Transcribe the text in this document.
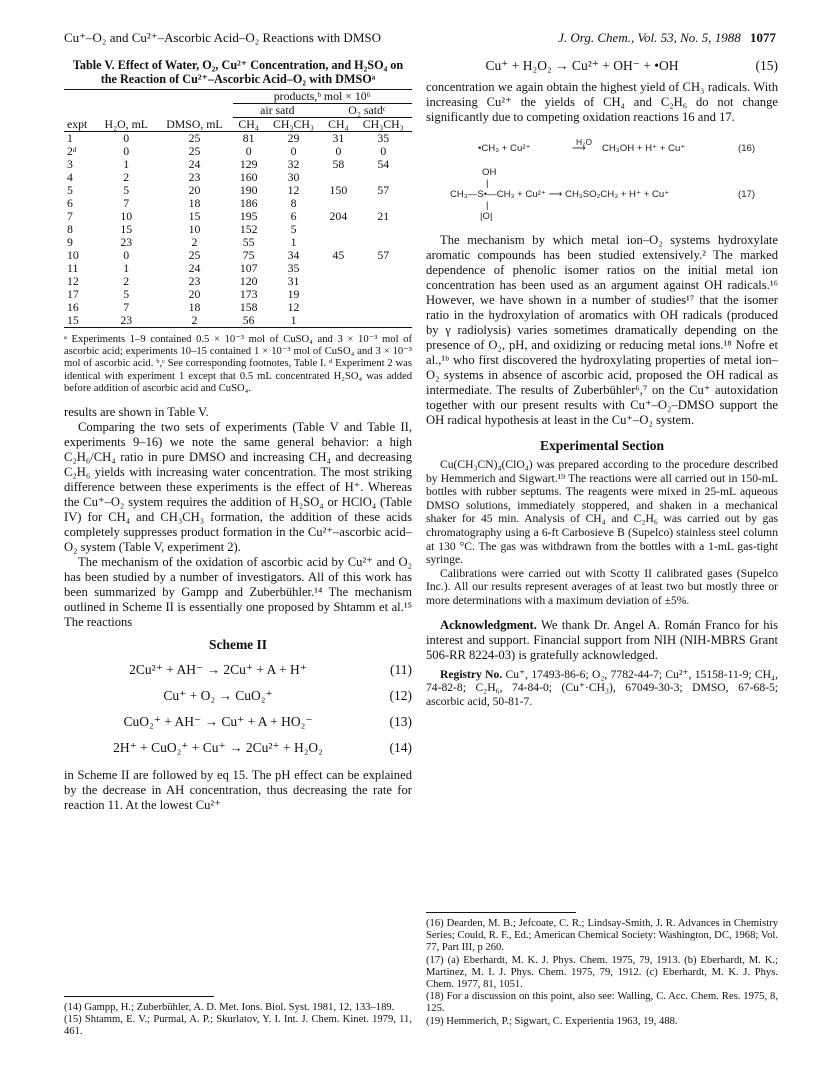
Cu⁺–O₂ and Cu²⁺–Ascorbic Acid–O₂ Reactions with DMSO	J. Org. Chem., Vol. 53, No. 5, 1988 1077
Table V. Effect of Water, O₂, Cu²⁺ Concentration, and H₂SO₄ on the Reaction of Cu²⁺–Ascorbic Acid–O₂ with DMSOᵃ
			products,ᵇ mol × 10⁶			
			air satd		O₂ satdᶜ	
expt	H₂O, mL	DMSO, mL	CH₄	CH₃CH₃	CH₄	CH₃CH₃
1	0	25	81	29	31	35
2ᵈ	0	25	0	0	0	0
3	1	24	129	32	58	54
4	2	23	160	30		
5	5	20	190	12	150	57
6	7	18	186	8		
7	10	15	195	6	204	21
8	15	10	152	5		
9	23	2	55	1		
10	0	25	75	34	45	57
11	1	24	107	35		
12	2	23	120	31		
17	5	20	173	19		
16	7	18	158	12		
15	23	2	56	1		
ᵃ Experiments 1–9 contained 0.5 × 10⁻³ mol of CuSO₄ and 3 × 10⁻³ mol of ascorbic acid; experiments 10–15 contained 1 × 10⁻³ mol of CuSO₄ and 3 × 10⁻³ mol of ascorbic acid. ᵇ,ᶜ See corresponding footnotes, Table I. ᵈ Experiment 2 was identical with experiment 1 except that 0.5 mL concentrated H₂SO₄ was added before addition of ascorbic acid and CuSO₄.

results are shown in Table V.

Comparing the two sets of experiments (Table V and Table II, experiments 9–16) we note the same general behavior: a high C₂H₆/CH₄ ratio in pure DMSO and increasing CH₄ and decreasing C₂H₆ yields with increasing water concentration. The most striking difference between these experiments is the effect of H⁺. Whereas the Cu⁺–O₂ system requires the addition of H₂SO₄ or HClO₄ (Table IV) for CH₄ and CH₃CH₃ formation, the addition of these acids completely suppresses product formation in the Cu²⁺–ascorbic acid–O₂ system (Table V, experiment 2).

The mechanism of the oxidation of ascorbic acid by Cu²⁺ and O₂ has been studied by a number of investigators. All of this work has been summarized by Gampp and Zuberbühler.¹⁴ The mechanism outlined in Scheme II is essentially one proposed by Shtamm et al.¹⁵ The reactions

Scheme II
2Cu²⁺ + AH⁻ → 2Cu⁺ + A + H⁺	(11)
Cu⁺ + O₂ → CuO₂⁺	(12)
CuO₂⁺ + AH⁻ → Cu⁺ + A + HO₂⁻	(13)
2H⁺ + CuO₂⁺ + Cu⁺ → 2Cu²⁺ + H₂O₂	(14)

in Scheme II are followed by eq 15. The pH effect can be explained by the decrease in AH concentration, thus decreasing the rate for reaction 11. At the lowest Cu²⁺

(14) Gampp, H.; Zuberbühler, A. D. Met. Ions. Biol. Syst. 1981, 12, 133–189.

(15) Shtamm, E. V.; Purmal, A. P.; Skurlatov, Y. I. Int. J. Chem. Kinet. 1979, 11, 461.

Cu⁺ + H₂O₂ → Cu²⁺ + OH⁻ + •OH	(15)

concentration we again obtain the highest yield of CH₃ radicals. With increasing Cu²⁺ the yields of CH₄ and C₂H₆ do not change significantly due to competing oxidation reactions 16 and 17.

•CH₃ + Cu²⁺
H₂O
⟶ CH₃OH + H⁺ + Cu⁺	(16)
OH
|
CH₃—S•—CH₃ + Cu²⁺ ⟶ CH₃SO₂CH₃ + H⁺ + Cu⁺	(17)
|
|O|

The mechanism by which metal ion–O₂ systems hydroxylate aromatic compounds has been studied extensively.² The marked dependence of phenolic isomer ratios on the initial metal ion concentration has been used as an argument against OH radicals.¹⁶ However, we have shown in a number of studies¹⁷ that the isomer ratio in the hydroxylation of aromatics with OH radicals (produced by γ radiolysis) varies sometimes dramatically depending on the presence of O₂, pH, and oxidizing or reducing metal ions.¹⁸ Nofre et al.,¹ᵇ who first discovered the hydroxylating properties of metal ion–O₂ systems in absence of ascorbic acid, proposed the OH radical as intermediate. The results of Zuberbühler⁶,⁷ on the Cu⁺ autoxidation together with our present results with Cu⁺–O₂–DMSO support the OH radical hypothesis at least in the Cu⁺–O₂ system.

Experimental Section

Cu(CH₃CN)₄(ClO₄) was prepared according to the procedure described by Hemmerich and Sigwart.¹⁹ The reactions were all carried out in 150-mL bottles with rubber septums. The reagents were mixed in 25-mL aqueous DMSO solutions, immediately stoppered, and shaken in a mechanical shaker for 45 min. Analysis of CH₄ and C₂H₆ was carried out by gas chromatography using a 6-ft Carbosieve B (Supelco) stainless steel column at 130 °C. The gas was withdrawn from the bottles with a 1-mL gas-tight syringe.

Calibrations were carried out with Scotty II calibrated gases (Supelco Inc.). All our results represent averages of at least two but mostly three or more determinations with a maximum deviation of ±5%.

Acknowledgment. We thank Dr. Angel A. Román Franco for his interest and support. Financial support from NIH (NIH-MBRS Grant 506-RR 8224-03) is gratefully acknowledged.

Registry No. Cu⁺, 17493-86-6; O₂, 7782-44-7; Cu²⁺, 15158-11-9; CH₄, 74-82-8; C₂H₆, 74-84-0; (Cu⁺·CH₃), 67049-30-3; DMSO, 67-68-5; ascorbic acid, 50-81-7.

(16) Dearden, M. B.; Jefcoate, C. R.; Lindsay-Smith, J. R. Advances in Chemistry Series; Could, R. F., Ed.; American Chemical Society: Washington, DC, 1968; Vol. 77, Part III, p 260.

(17) (a) Eberhardt, M. K. J. Phys. Chem. 1975, 79, 1913. (b) Eberhardt, M. K.; Martinez, M. I. J. Phys. Chem. 1975, 79, 1912. (c) Eberhardt, M. K. J. Phys. Chem. 1977, 81, 1051.

(18) For a discussion on this point, also see: Walling, C. Acc. Chem. Res. 1975, 8, 125.

(19) Hemmerich, P.; Sigwart, C. Experientia 1963, 19, 488.
